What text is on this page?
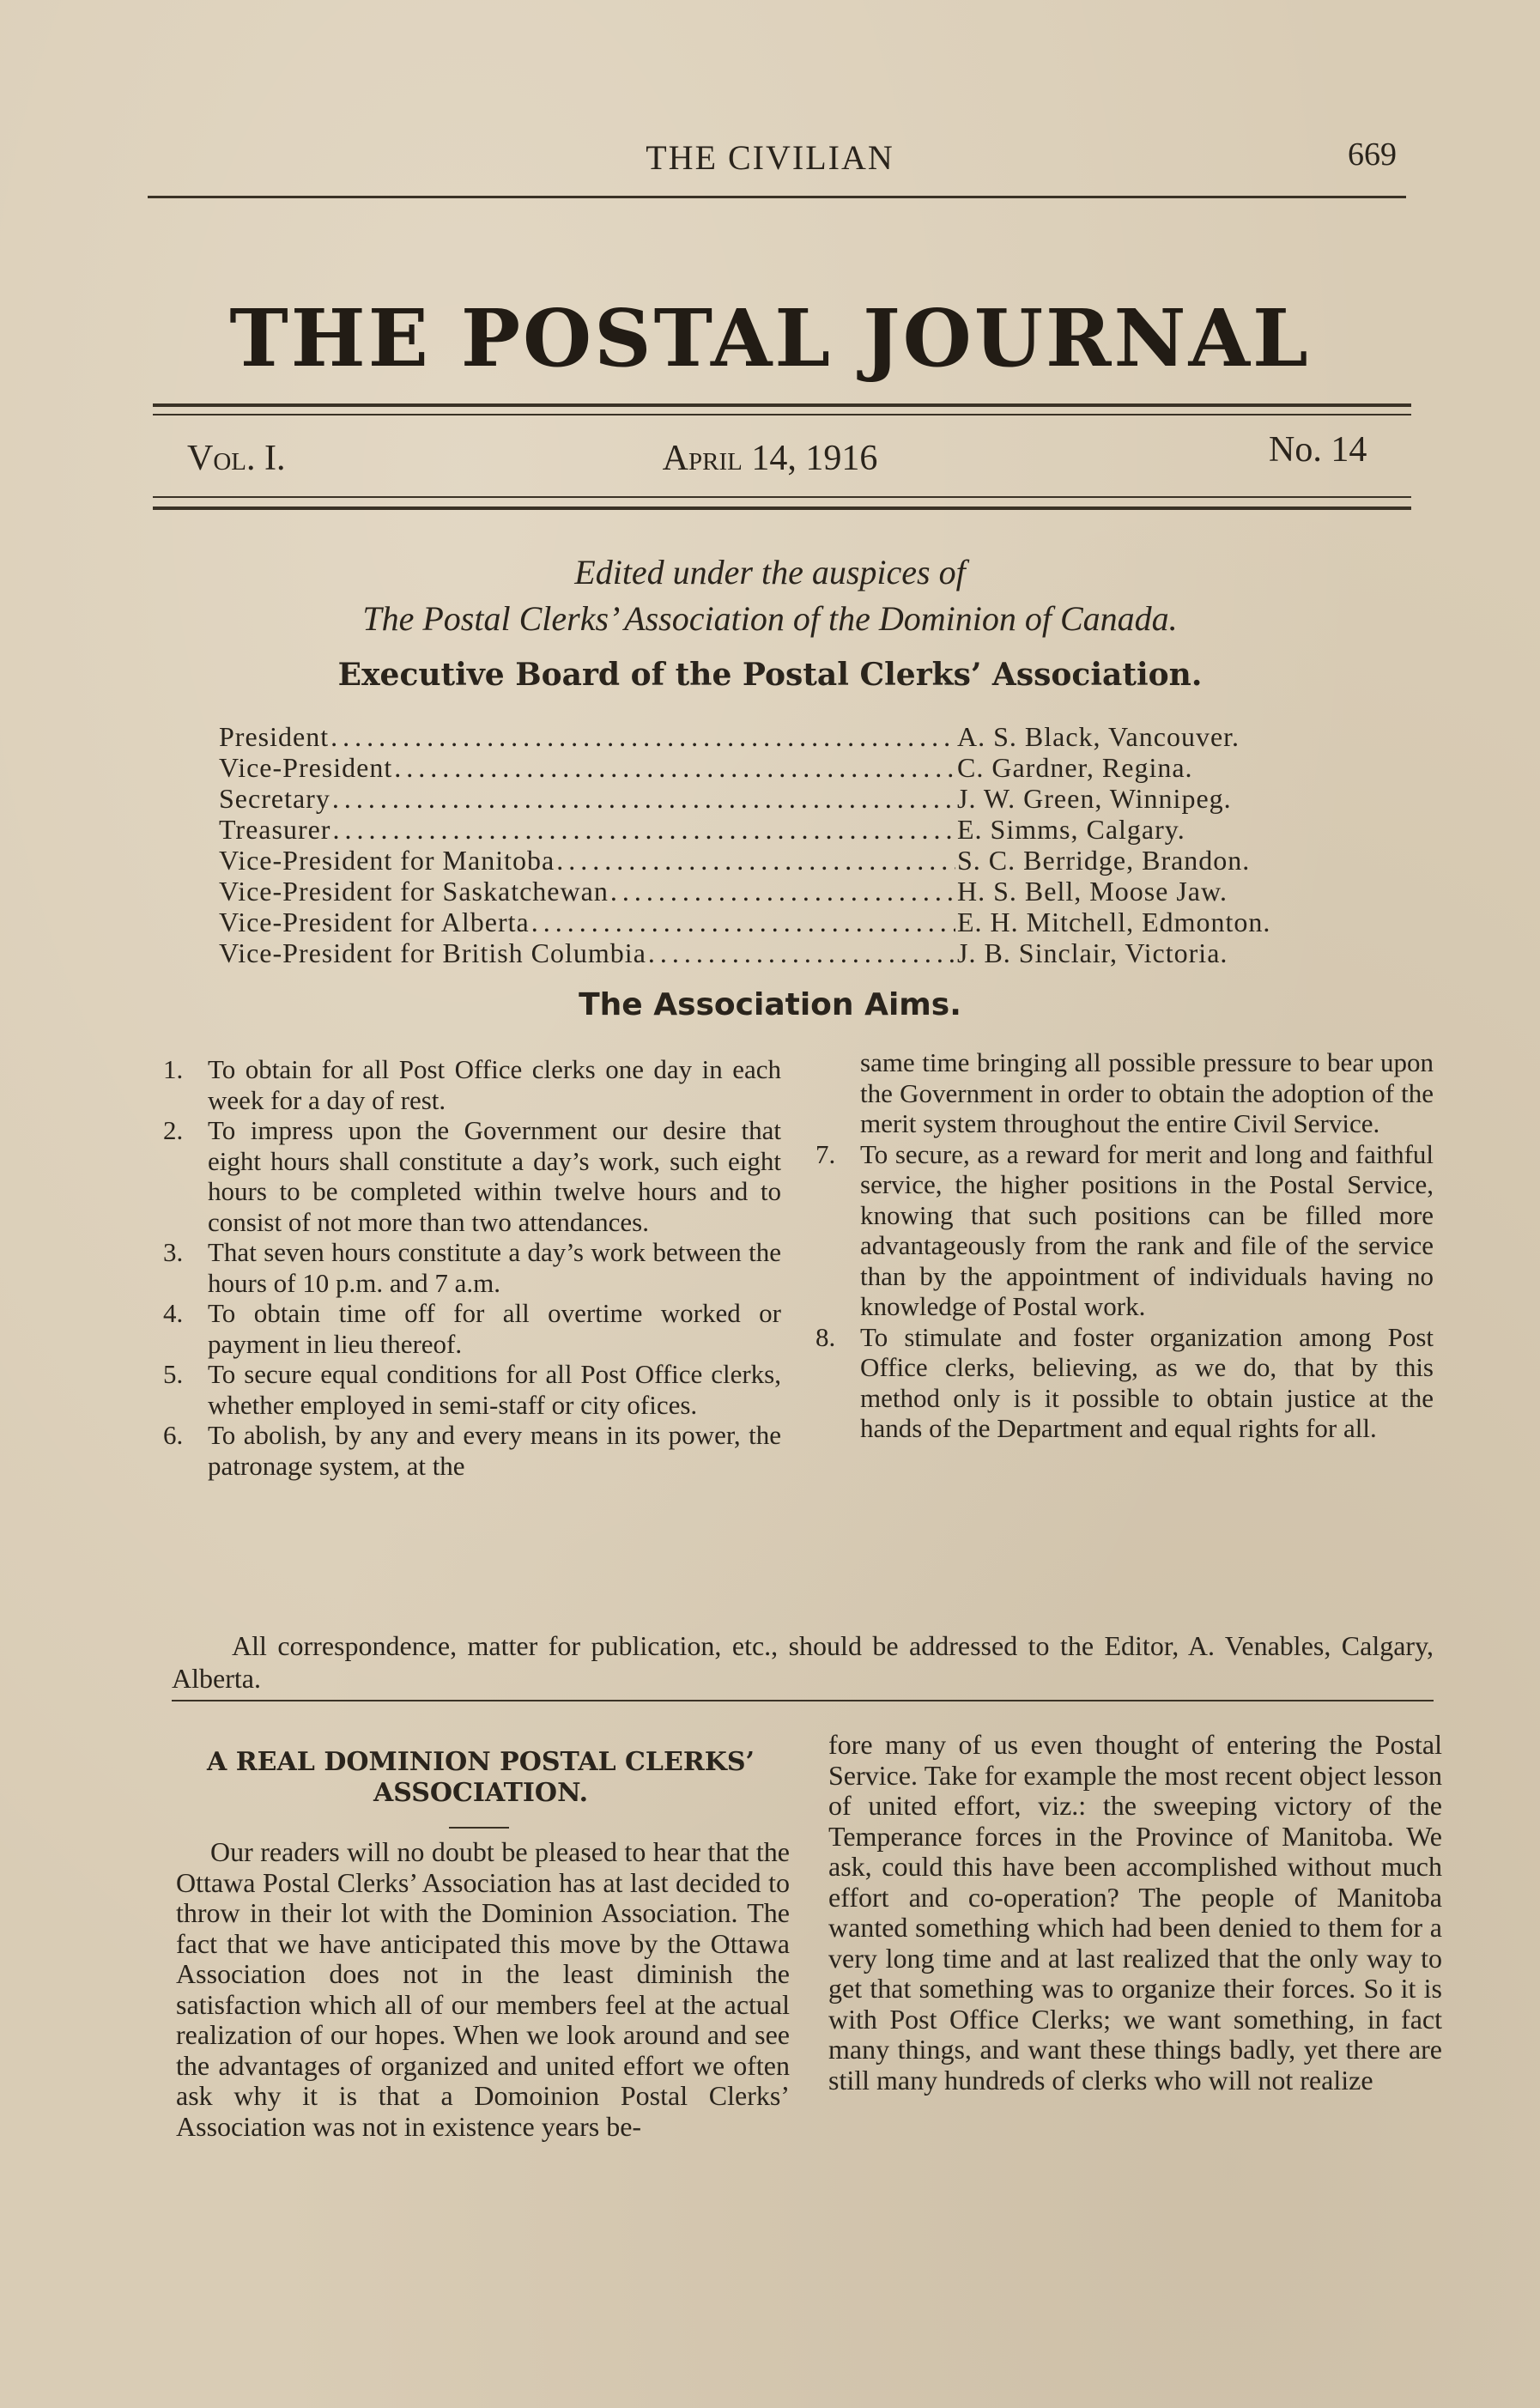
THE CIVILIAN	669
THE POSTAL JOURNAL
Vol. I.	April 14, 1916	No. 14
Edited under the auspices of
The Postal Clerks’ Association of the Dominion of Canada.
Executive Board of the Postal Clerks’ Association.
President .....	A. S. Black, Vancouver.
Vice-President .....	C. Gardner, Regina.
Secretary .....	J. W. Green, Winnipeg.
Treasurer .....	E. Simms, Calgary.
Vice-President for Manitoba .....	S. C. Berridge, Brandon.
Vice-President for Saskatchewan .....	H. S. Bell, Moose Jaw.
Vice-President for Alberta .....	E. H. Mitchell, Edmonton.
Vice-President for British Columbia .....	J. B. Sinclair, Victoria.
The Association Aims.
1. To obtain for all Post Office clerks one day in each week for a day of rest.
2. To impress upon the Government our desire that eight hours shall constitute a day’s work, such eight hours to be completed within twelve hours and to consist of not more than two attendances.
3. That seven hours constitute a day’s work between the hours of 10 p.m. and 7 a.m.
4. To obtain time off for all overtime worked or payment in lieu thereof.
5. To secure equal conditions for all Post Office clerks, whether employed in semi-staff or city ofices.
6. To abolish, by any and every means in its power, the patronage system, at the
same time bringing all possible pressure to bear upon the Government in order to obtain the adoption of the merit system throughout the entire Civil Service.
7. To secure, as a reward for merit and long and faithful service, the higher positions in the Postal Service, knowing that such positions can be filled more advantageously from the rank and file of the service than by the appointment of individuals having no knowledge of Postal work.
8. To stimulate and foster organization among Post Office clerks, believing, as we do, that by this method only is it possible to obtain justice at the hands of the Department and equal rights for all.
All correspondence, matter for publication, etc., should be addressed to the Editor, A. Venables, Calgary, Alberta.
A REAL DOMINION POSTAL CLERKS’
ASSOCIATION.
Our readers will no doubt be pleased to hear that the Ottawa Postal Clerks’ Association has at last decided to throw in their lot with the Dominion Association. The fact that we have anticipated this move by the Ottawa Association does not in the least diminish the satisfaction which all of our members feel at the actual realization of our hopes. When we look around and see the advantages of organized and united effort we often ask why it is that a Domoinion Postal Clerks’ Association was not in existence years be-
fore many of us even thought of entering the Postal Service. Take for example the most recent object lesson of united effort, viz.: the sweeping victory of the Temperance forces in the Province of Manitoba. We ask, could this have been accomplished without much effort and co-operation? The people of Manitoba wanted something which had been denied to them for a very long time and at last realized that the only way to get that something was to organize their forces. So it is with Post Office Clerks; we want something, in fact many things, and want these things badly, yet there are still many hundreds of clerks who will not realize
